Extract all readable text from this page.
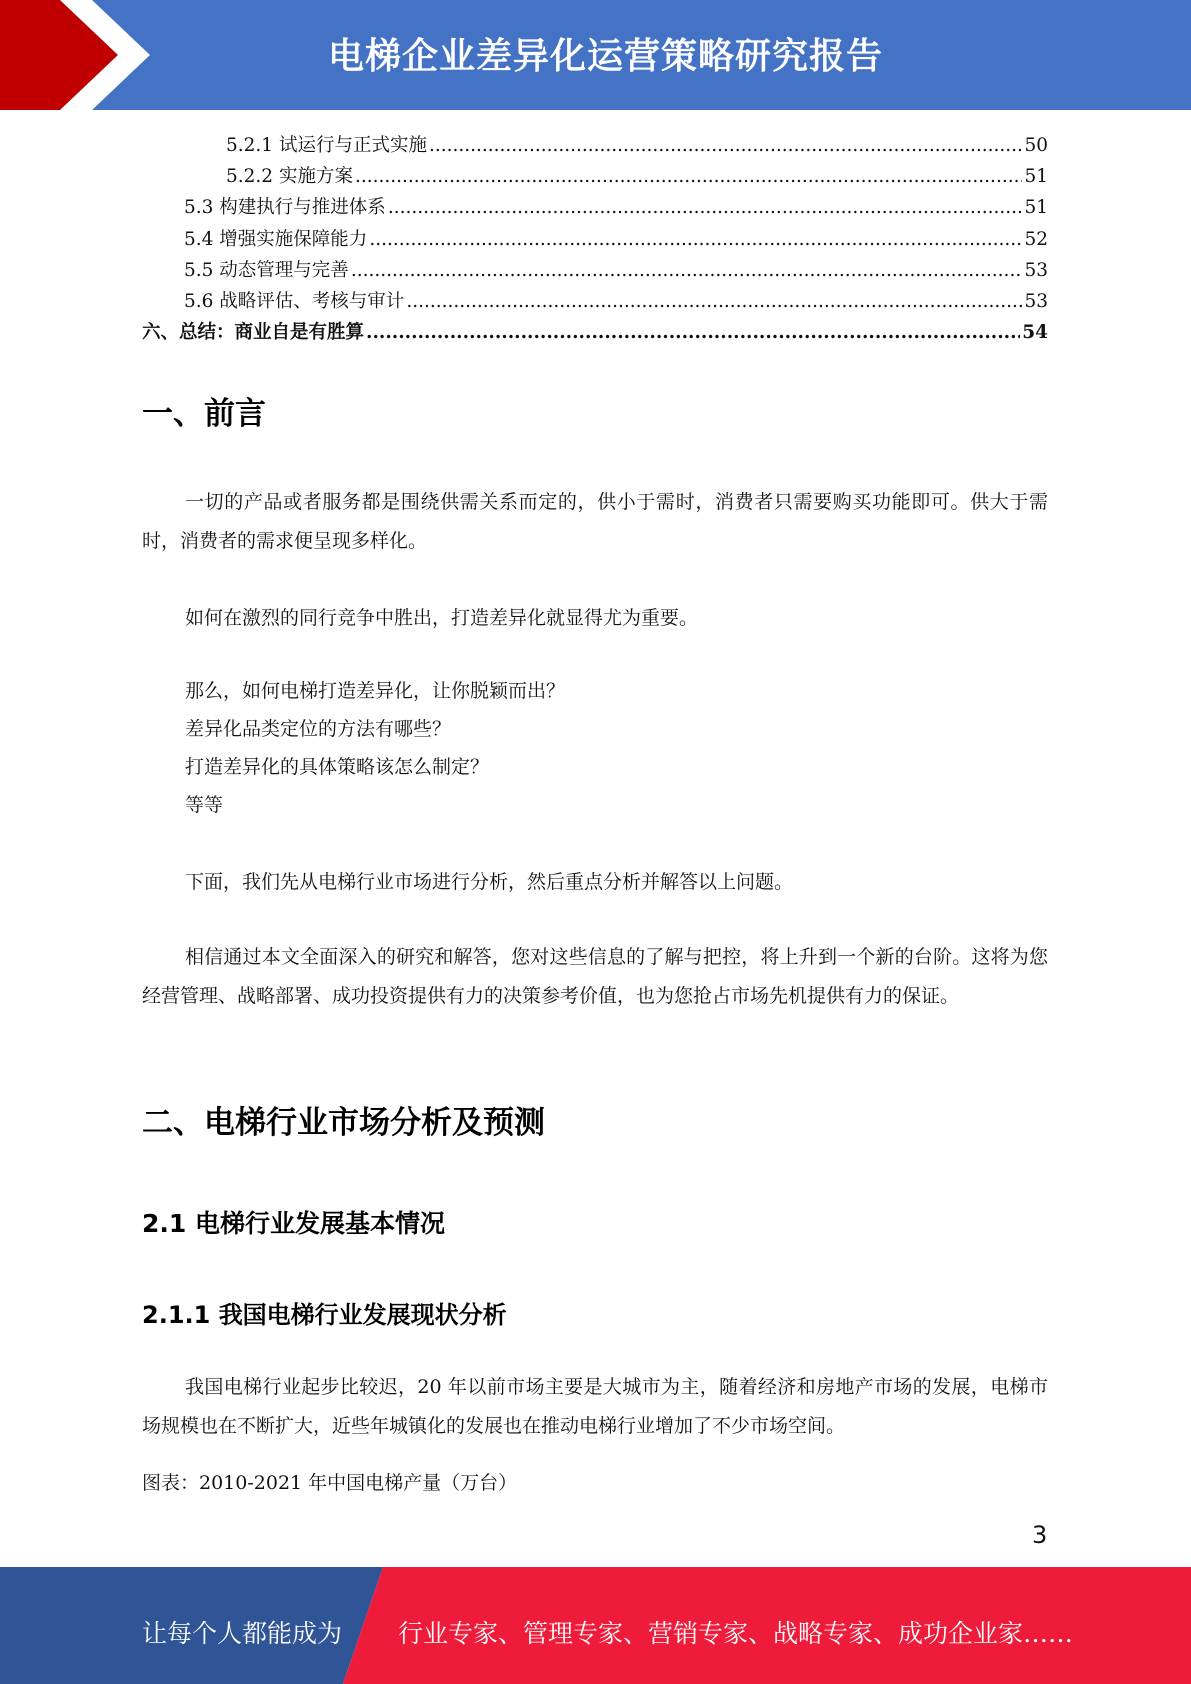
电梯企业差异化运营策略研究报告
5.2.1 试运行与正式实施 .....	50
5.2.2 实施方案 .....	51
5.3 构建执行与推进体系 .....	51
5.4 增强实施保障能力 .....	52
5.5 动态管理与完善 .....	53
5.6 战略评估、考核与审计 .....	53
六、总结：商业自是有胜算 .....	54
一、前言

一切的产品或者服务都是围绕供需关系而定的，供小于需时，消费者只需要购买功能即可。供大于需时，消费者的需求便呈现多样化。

如何在激烈的同行竞争中胜出，打造差异化就显得尤为重要。

那么，如何电梯打造差异化，让你脱颖而出？

差异化品类定位的方法有哪些？

打造差异化的具体策略该怎么制定？

等等

下面，我们先从电梯行业市场进行分析，然后重点分析并解答以上问题。

相信通过本文全面深入的研究和解答，您对这些信息的了解与把控，将上升到一个新的台阶。这将为您经营管理、战略部署、成功投资提供有力的决策参考价值，也为您抢占市场先机提供有力的保证。

二、电梯行业市场分析及预测
2.1 电梯行业发展基本情况
2.1.1 我国电梯行业发展现状分析

我国电梯行业起步比较迟，20 年以前市场主要是大城市为主，随着经济和房地产市场的发展，电梯市场规模也在不断扩大，近些年城镇化的发展也在推动电梯行业增加了不少市场空间。

图表：2010-2021 年中国电梯产量（万台）

3
让每个人都能成为 行业专家、管理专家、营销专家、战略专家、成功企业家……
